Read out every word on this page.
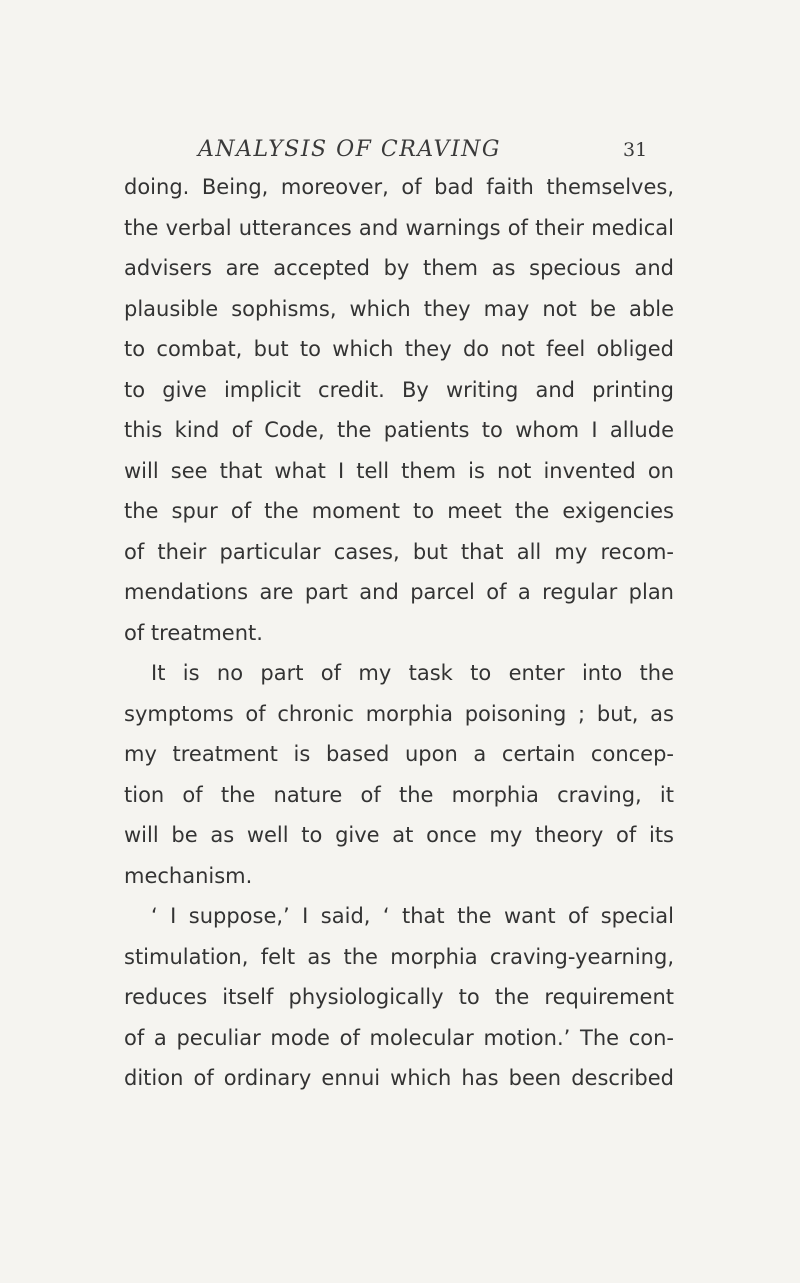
ANALYSIS OF CRAVING	31
doing. Being, moreover, of bad faith themselves,
the verbal utterances and warnings of their medical
advisers are accepted by them as specious and
plausible sophisms, which they may not be able
to combat, but to which they do not feel obliged
to give implicit credit. By writing and printing
this kind of Code, the patients to whom I allude
will see that what I tell them is not invented on
the spur of the moment to meet the exigencies
of their particular cases, but that all my recom-
mendations are part and parcel of a regular plan
of treatment.
It is no part of my task to enter into the
symptoms of chronic morphia poisoning ; but, as
my treatment is based upon a certain concep-
tion of the nature of the morphia craving, it
will be as well to give at once my theory of its
mechanism.
‘ I suppose,’ I said, ‘ that the want of special
stimulation, felt as the morphia craving-yearning,
reduces itself physiologically to the requirement
of a peculiar mode of molecular motion.’ The con-
dition of ordinary ennui which has been described
